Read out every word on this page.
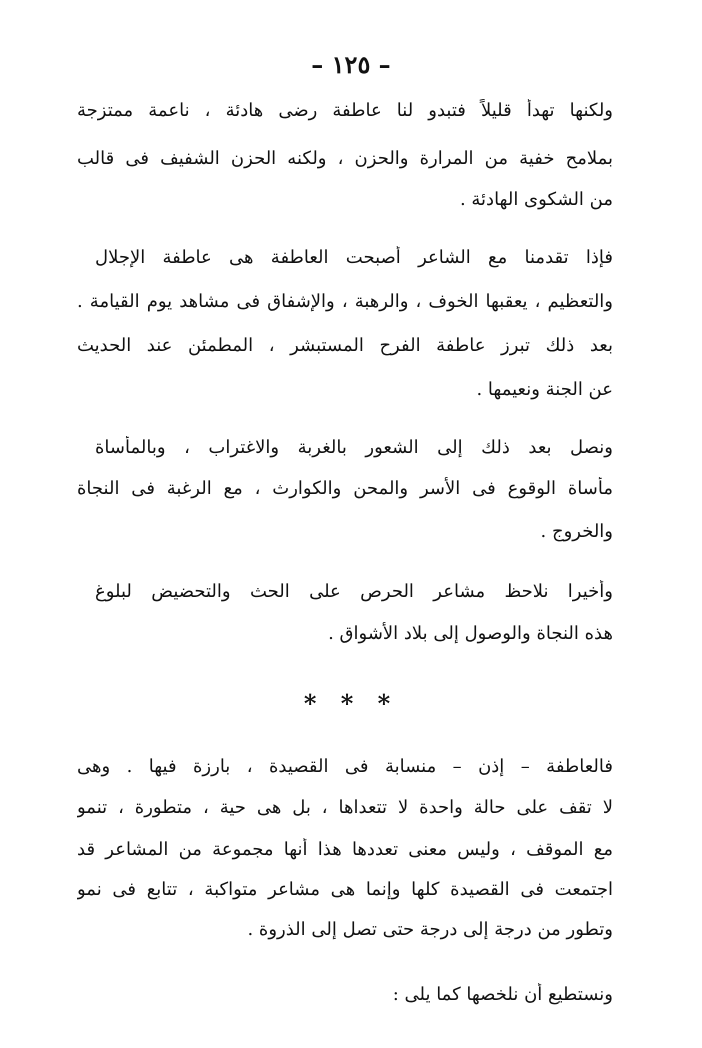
– ١٢٥ –

ولكنها تهدأ قليلاً فتبدو لنا عاطفة رضى هادئة ، ناعمة ممتزجة

بملامح خفية من المرارة والحزن ، ولكنه الحزن الشفيف فى قالب

من الشكوى الهادئة .

فإذا تقدمنا مع الشاعر أصبحت العاطفة هى عاطفة الإجلال

والتعظيم ، يعقبها الخوف ، والرهبة ، والإشفاق فى مشاهد يوم القيامة .

بعد ذلك تبرز عاطفة الفرح المستبشر ، المطمئن عند الحديث

عن الجنة ونعيمها .

ونصل بعد ذلك إلى الشعور بالغربة والاغتراب ، وبالمأساة

مأساة الوقوع فى الأسر والمحن والكوارث ، مع الرغبة فى النجاة

والخروج .

وأخيرا نلاحظ مشاعر الحرص على الحث والتحضيض لبلوغ

هذه النجاة والوصول إلى بلاد الأشواق .

* * *

فالعاطفة – إذن – منسابة فى القصيدة ، بارزة فيها . وهى

لا تقف على حالة واحدة لا تتعداها ، بل هى حية ، متطورة ، تنمو

مع الموقف ، وليس معنى تعددها هذا أنها مجموعة من المشاعر قد

اجتمعت فى القصيدة كلها وإنما هى مشاعر متواكبة ، تتابع فى نمو

وتطور من درجة إلى درجة حتى تصل إلى الذروة .

ونستطيع أن نلخصها كما يلى :
